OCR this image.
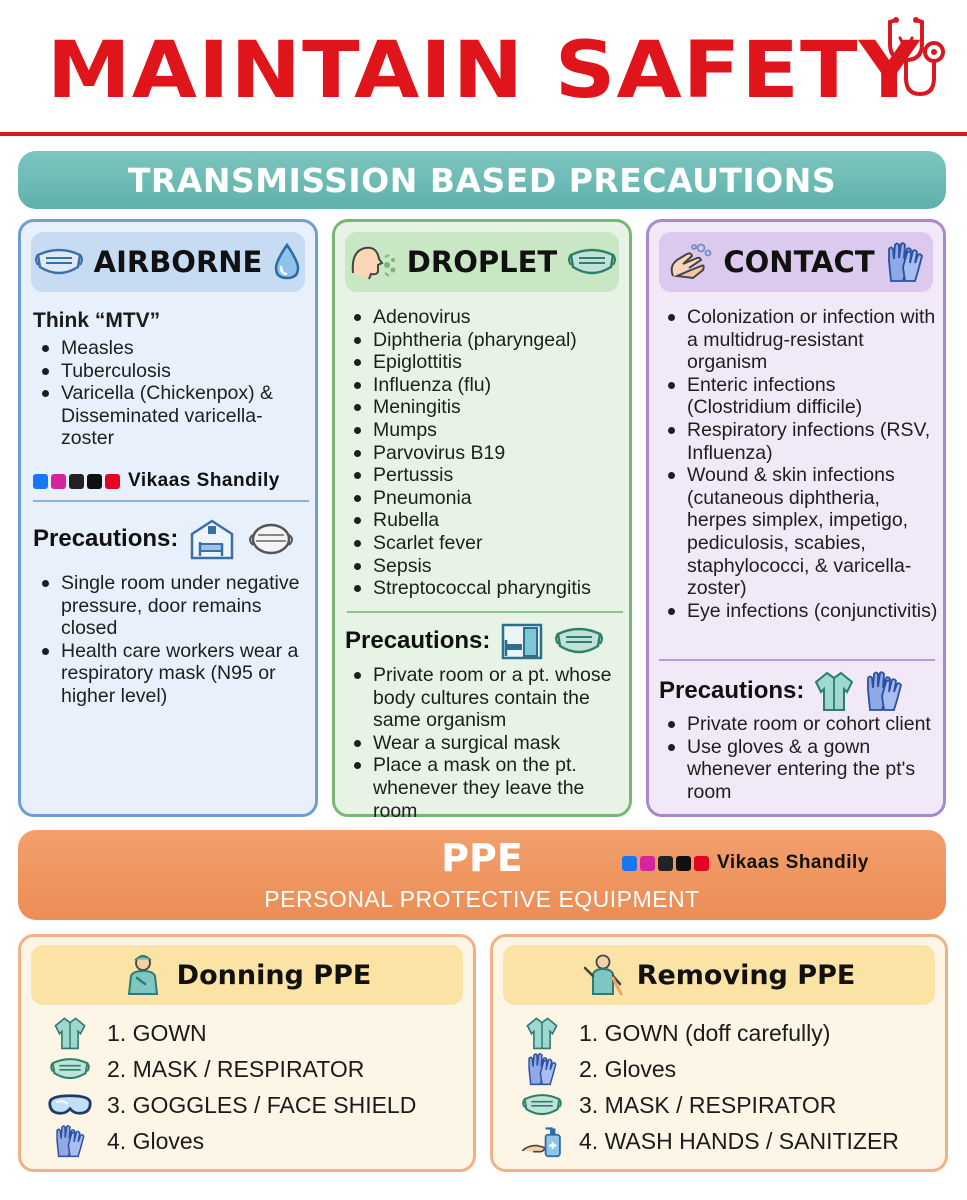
MAINTAIN SAFETY
TRANSMISSION BASED PRECAUTIONS
AIRBORNE
Think “MTV”
Measles
Tuberculosis
Varicella (Chickenpox) & Disseminated varicella-zoster
Vikaas Shandily
Precautions:
Single room under negative pressure, door remains closed
Health care workers wear a respiratory mask (N95 or higher level)
DROPLET
Adenovirus
Diphtheria (pharyngeal)
Epiglottitis
Influenza (flu)
Meningitis
Mumps
Parvovirus B19
Pertussis
Pneumonia
Rubella
Scarlet fever
Sepsis
Streptococcal pharyngitis
Precautions:
Private room or a pt. whose body cultures contain the same organism
Wear a surgical mask
Place a mask on the pt. whenever they leave the room
CONTACT
Colonization or infection with a multidrug-resistant organism
Enteric infections (Clostridium difficile)
Respiratory infections (RSV, Influenza)
Wound & skin infections (cutaneous diphtheria, herpes simplex, impetigo, pediculosis, scabies, staphylococci, & varicella-zoster)
Eye infections (conjunctivitis)
Precautions:
Private room or cohort client
Use gloves & a gown whenever entering the pt's room
PPE
PERSONAL PROTECTIVE EQUIPMENT
Vikaas Shandily
Donning PPE
1. GOWN
2. MASK / RESPIRATOR
3. GOGGLES / FACE SHIELD
4. Gloves
Removing PPE
1. GOWN (doff carefully)
2. Gloves
3. MASK / RESPIRATOR
4. WASH HANDS / SANITIZER
